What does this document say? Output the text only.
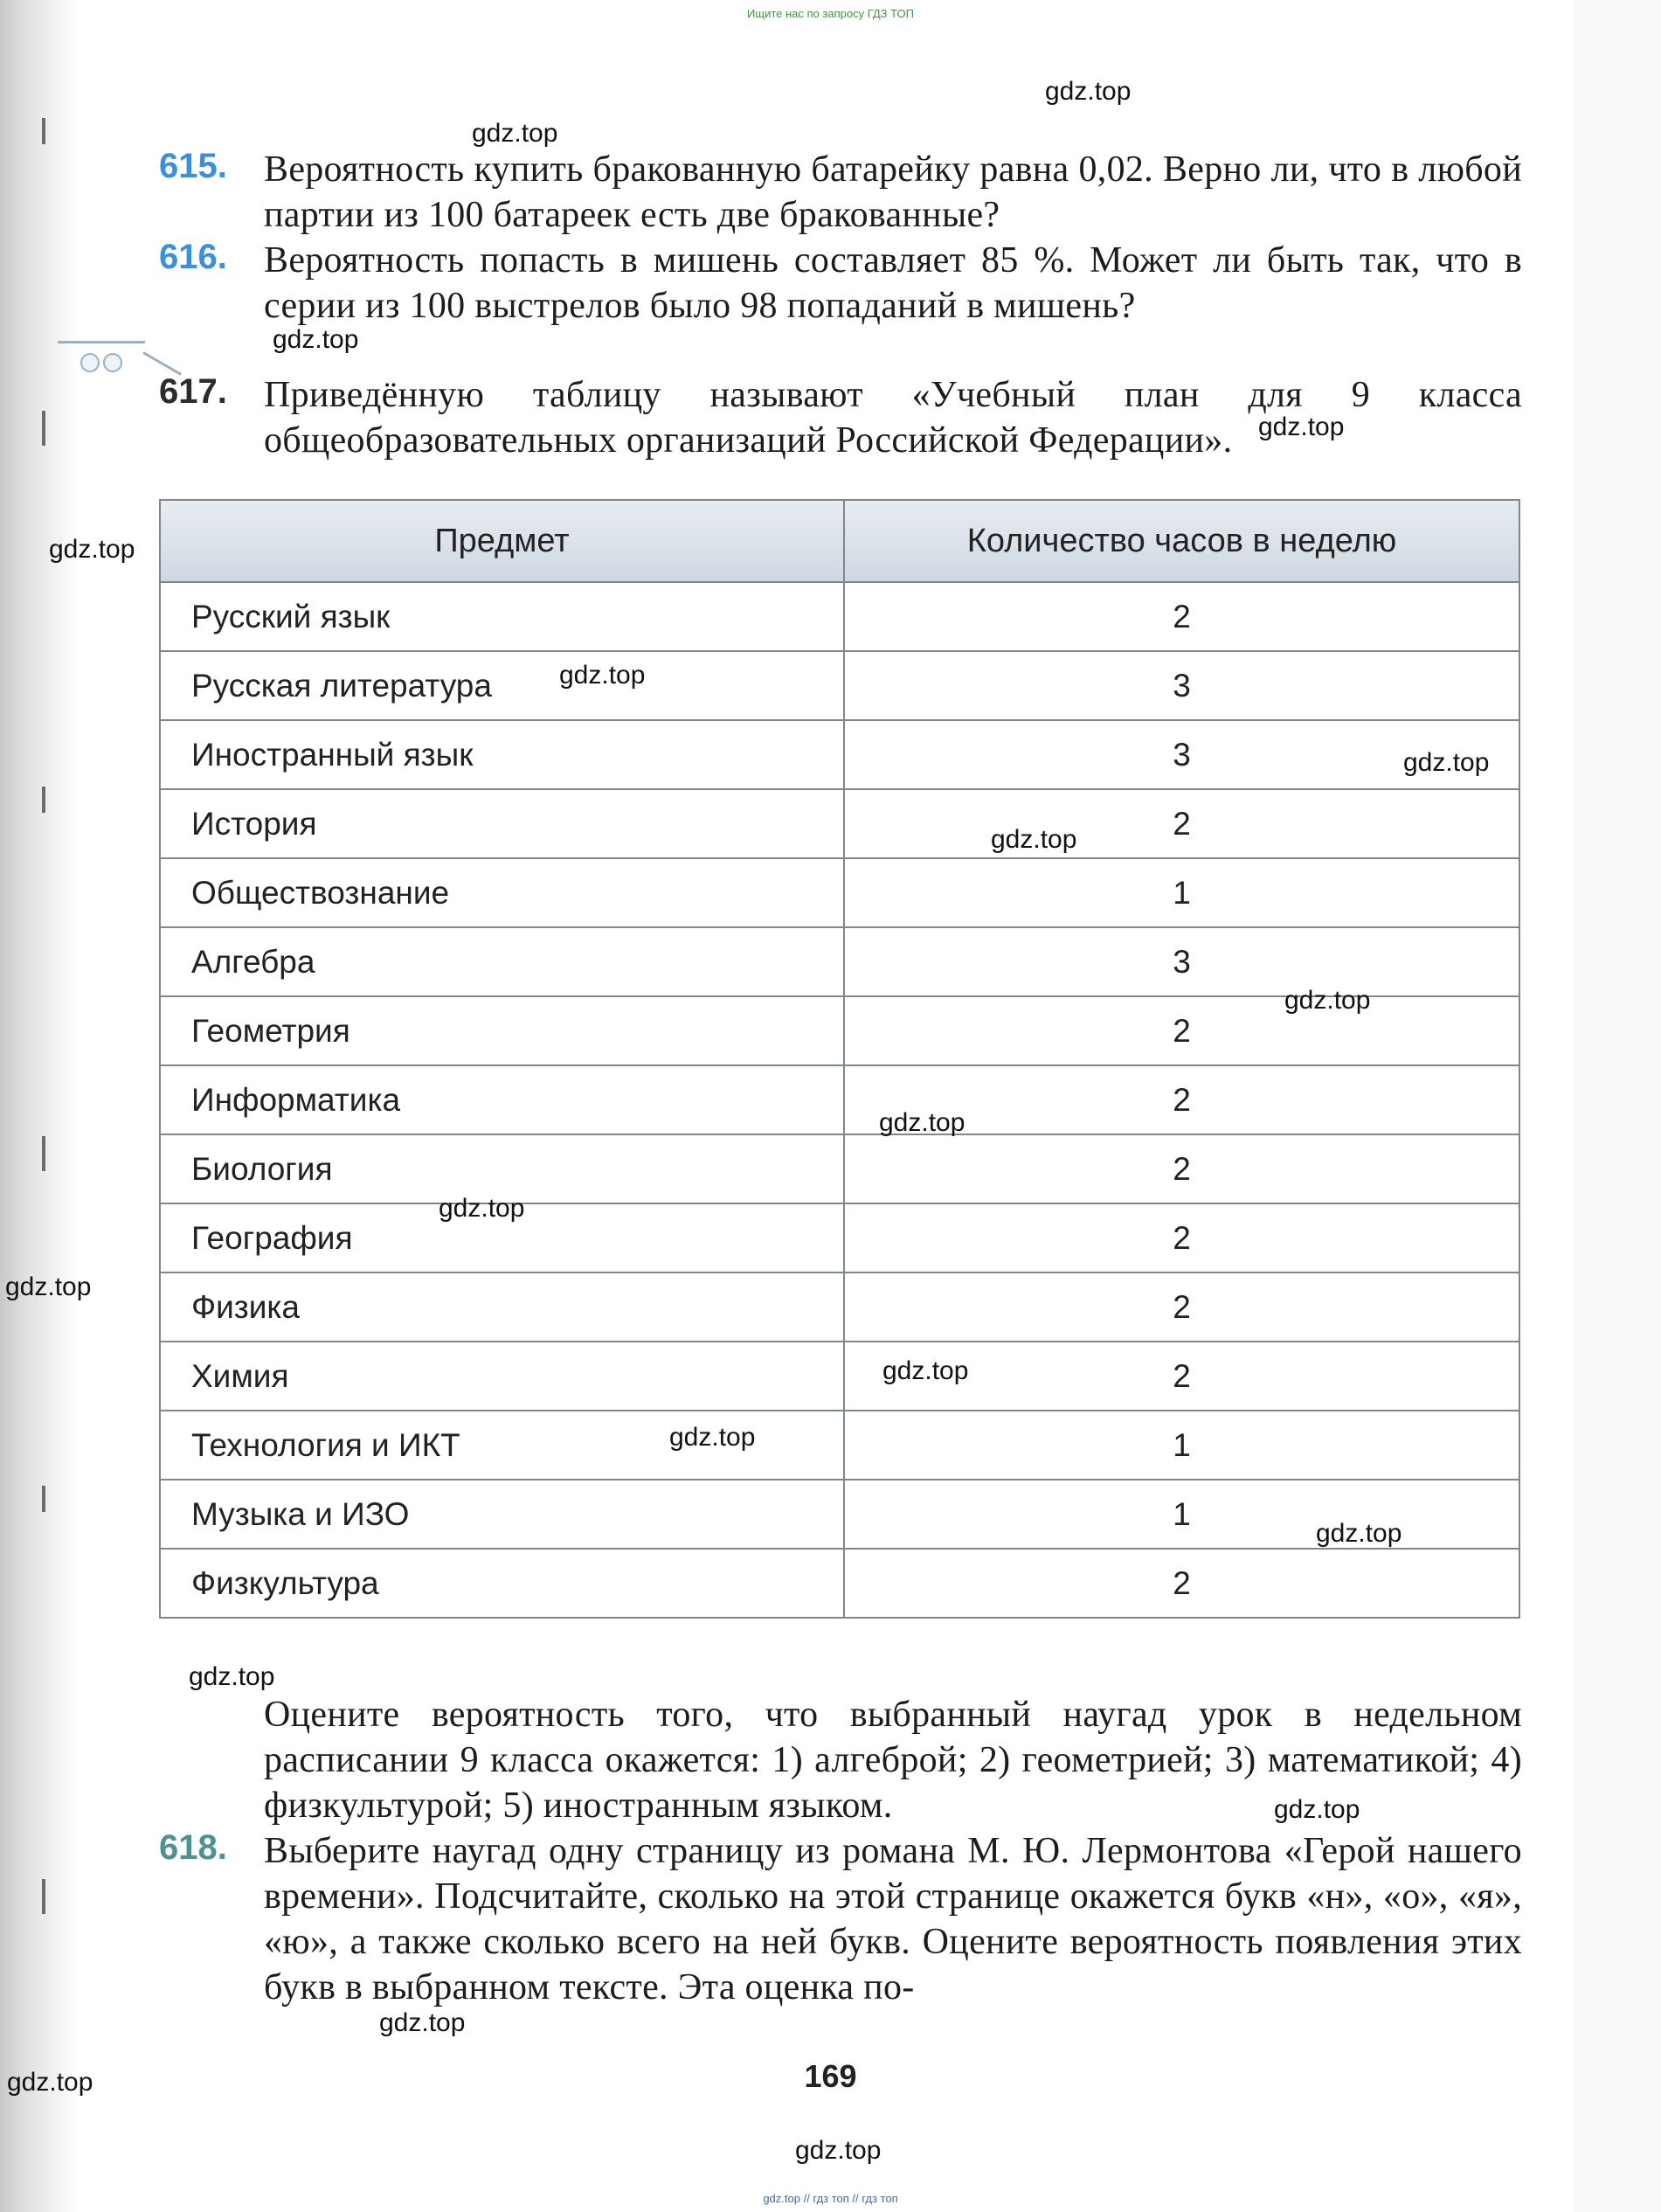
Ищите нас по запросу ГДЗ ТОП
615.	Вероятность купить бракованную батарейку равна 0,02. Верно ли, что в любой партии из 100 батареек есть две бракованные?
616.	Вероятность попасть в мишень составляет 85 %. Может ли быть так, что в серии из 100 выстрелов было 98 попаданий в мишень?
617.	Приведённую таблицу называют «Учебный план для 9 класса общеобразовательных организаций Российской Федерации».
Предмет	Количество часов в неделю
Русский язык	2
Русская литература	3
Иностранный язык	3
История	2
Обществознание	1
Алгебра	3
Геометрия	2
Информатика	2
Биология	2
География	2
Физика	2
Химия	2
Технология и ИКТ	1
Музыка и ИЗО	1
Физкультура	2
Оцените вероятность того, что выбранный наугад урок в недельном расписании 9 класса окажется: 1) алгеброй; 2) геометрией; 3) математикой; 4) физкультурой; 5) иностранным языком.
618.	Выберите наугад одну страницу из романа М. Ю. Лермонтова «Герой нашего времени». Подсчитайте, сколько на этой странице окажется букв «н», «о», «я», «ю», а также сколько всего на ней букв. Оцените вероятность появления этих букв в выбранном тексте. Эта оценка по-
169
gdz.top
gdz.top
gdz.top
gdz.top
gdz.top
gdz.top
gdz.top
gdz.top
gdz.top
gdz.top
gdz.top
gdz.top
gdz.top
gdz.top
gdz.top
gdz.top
gdz.top
gdz.top
gdz.top
gdz.top
gdz.top // гдз топ // гдз топ
